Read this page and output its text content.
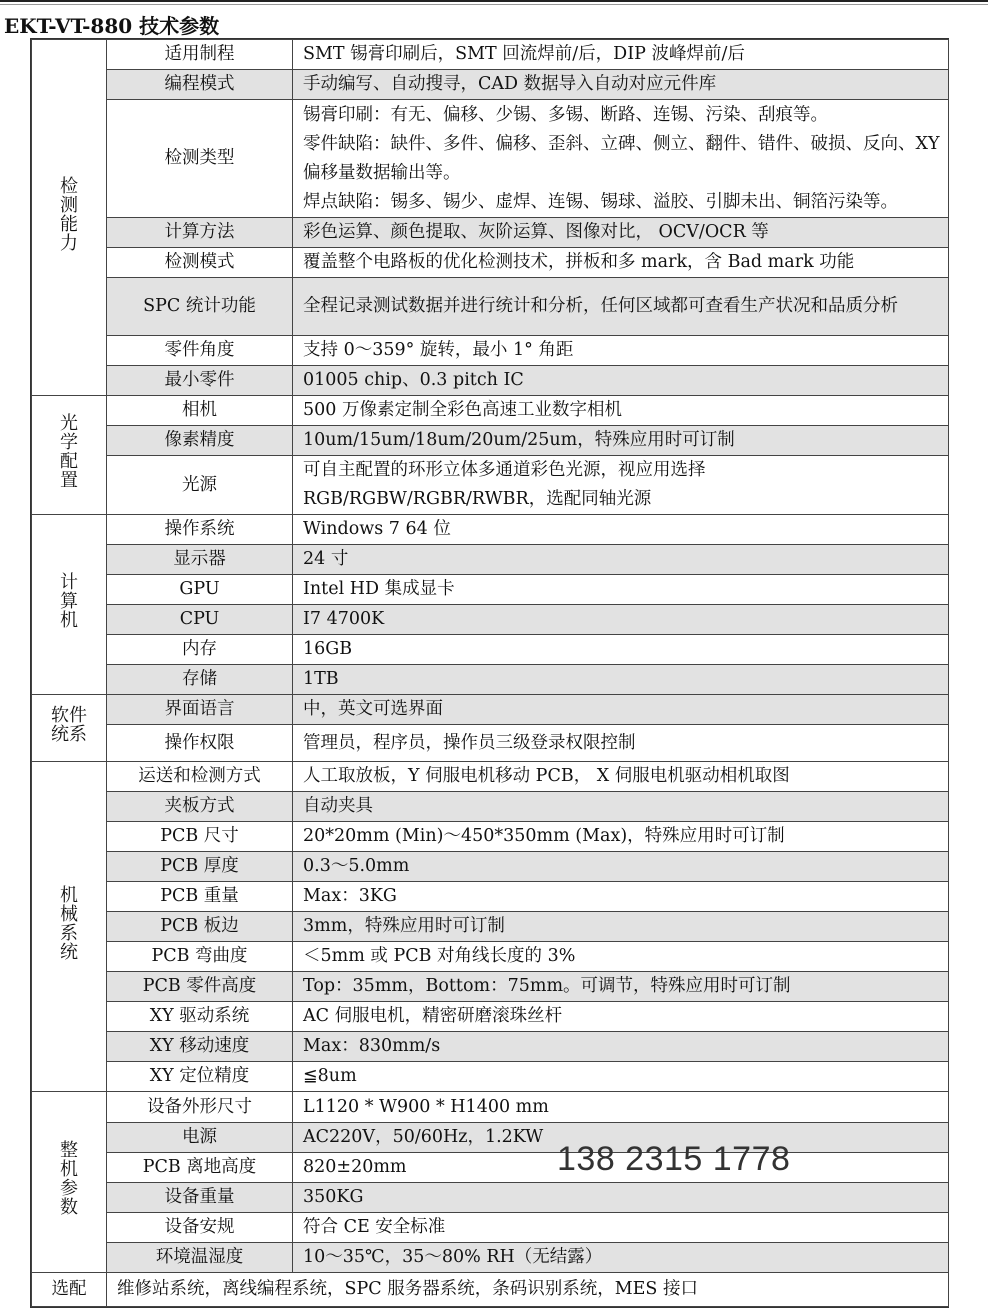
EKT-VT-880 技术参数
检测能力	适用制程	SMT 锡膏印刷后，SMT 回流焊前/后，DIP 波峰焊前/后

	编程模式	手动编写、自动搜寻，CAD 数据导入自动对应元件库

	检测类型	锡膏印刷：有无、偏移、少锡、多锡、断路、连锡、污染、刮痕等。
零件缺陷：缺件、多件、偏移、歪斜、立碑、侧立、翻件、错件、破损、反向、XY 偏移量数据输出等。
焊点缺陷：锡多、锡少、虚焊、连锡、锡球、溢胶、引脚未出、铜箔污染等。

	计算方法	彩色运算、颜色提取、灰阶运算、图像对比， OCV/OCR 等

	检测模式	覆盖整个电路板的优化检测技术，拼板和多 mark，含 Bad mark 功能

	SPC 统计功能	全程记录测试数据并进行统计和分析，任何区域都可查看生产状况和品质分析

	零件角度	支持 0～359° 旋转，最小 1° 角距

	最小零件	01005 chip、0.3 pitch IC

光学配置	相机	500 万像素定制全彩色高速工业数字相机

	像素精度	10um/15um/18um/20um/25um，特殊应用时可订制

	光源	可自主配置的环形立体多通道彩色光源，视应用选择 RGB/RGBW/RGBR/RWBR，选配同轴光源

计算机	操作系统	Windows 7 64 位

	显示器	24 寸

	GPU	Intel HD 集成显卡

	CPU	I7 4700K

	内存	16GB

	存储	1TB

软件统系	界面语言	中，英文可选界面

	操作权限	管理员，程序员，操作员三级登录权限控制

机械系统	运送和检测方式	人工取放板，Y 伺服电机移动 PCB， X 伺服电机驱动相机取图

	夹板方式	自动夹具

	PCB 尺寸	20*20mm (Min)～450*350mm (Max)，特殊应用时可订制

	PCB 厚度	0.3～5.0mm

	PCB 重量	Max：3KG

	PCB 板边	3mm，特殊应用时可订制

	PCB 弯曲度	＜5mm 或 PCB 对角线长度的 3%

	PCB 零件高度	Top：35mm，Bottom：75mm。可调节，特殊应用时可订制

	XY 驱动系统	AC 伺服电机，精密研磨滚珠丝杆

	XY 移动速度	Max：830mm/s

	XY 定位精度	≦8um

整机参数	设备外形尺寸	L1120 * W900 * H1400 mm

	电源	AC220V，50/60Hz，1.2KW

	PCB 离地高度	820±20mm

	设备重量	350KG

	设备安规	符合 CE 安全标准

	环境温湿度	10～35℃，35～80% RH（无结露）

选配	维修站系统，离线编程系统，SPC 服务器系统，条码识别系统，MES 接口	
138 2315 1778
